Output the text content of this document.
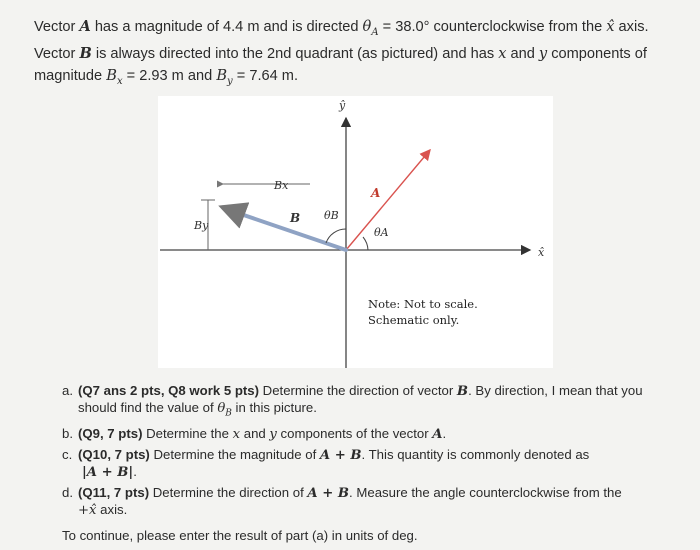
Vector A has a magnitude of 4.4 m and is directed $\theta_A = 38.0^\circ$ counterclockwise from the x̂ axis.

Vector B is always directed into the 2nd quadrant (as pictured) and has x and y components of

magnitude $B_x = 2.93$ m and $B_y = 7.64$ m.

ŷ
x̂
A
B
Bx
By
θA
θB
Note: Not to scale.
Schematic only.
a. (Q7 ans 2 pts, Q8 work 5 pts) Determine the direction of vector B. By direction, I mean that you should find the value of $\theta_B$ in this picture.
b. (Q9, 7 pts) Determine the x and y components of the vector A.
c. (Q10, 7 pts) Determine the magnitude of A + B. This quantity is commonly denoted as
|A + B|.
d. (Q11, 7 pts) Determine the direction of A + B. Measure the angle counterclockwise from the
+x̂ axis.
To continue, please enter the result of part (a) in units of deg.
